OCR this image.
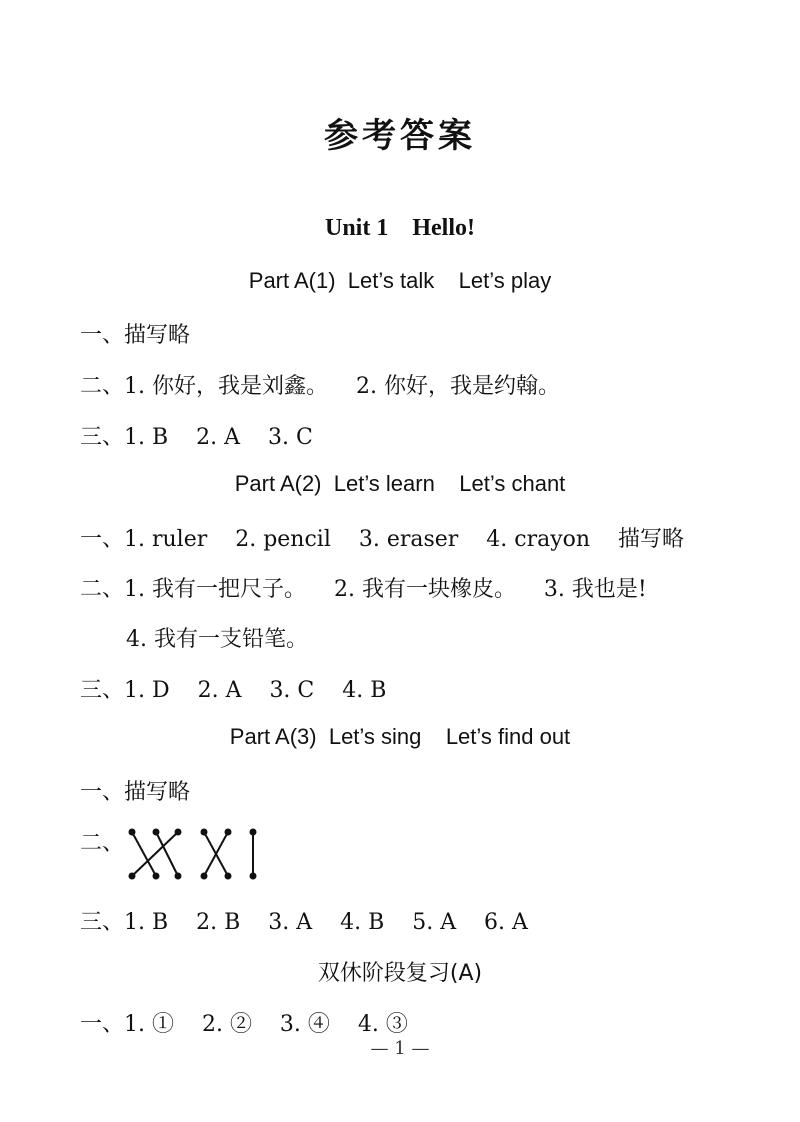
参考答案
Unit 1    Hello!
Part A(1)  Let’s talk    Let’s play
一、描写略
二、1. 你好，我是刘鑫。    2. 你好，我是约翰。
三、1. B    2. A    3. C
Part A(2)  Let’s learn    Let’s chant
一、1. ruler    2. pencil    3. eraser    4. crayon    描写略
二、1. 我有一把尺子。    2. 我有一块橡皮。    3. 我也是!
4. 我有一支铅笔。
三、1. D    2. A    3. C    4. B
Part A(3)  Let’s sing    Let’s find out
一、描写略
二、
三、1. B    2. B    3. A    4. B    5. A    6. A
双休阶段复习(A)
一、1. ①    2. ②    3. ④    4. ③
— 1 —
